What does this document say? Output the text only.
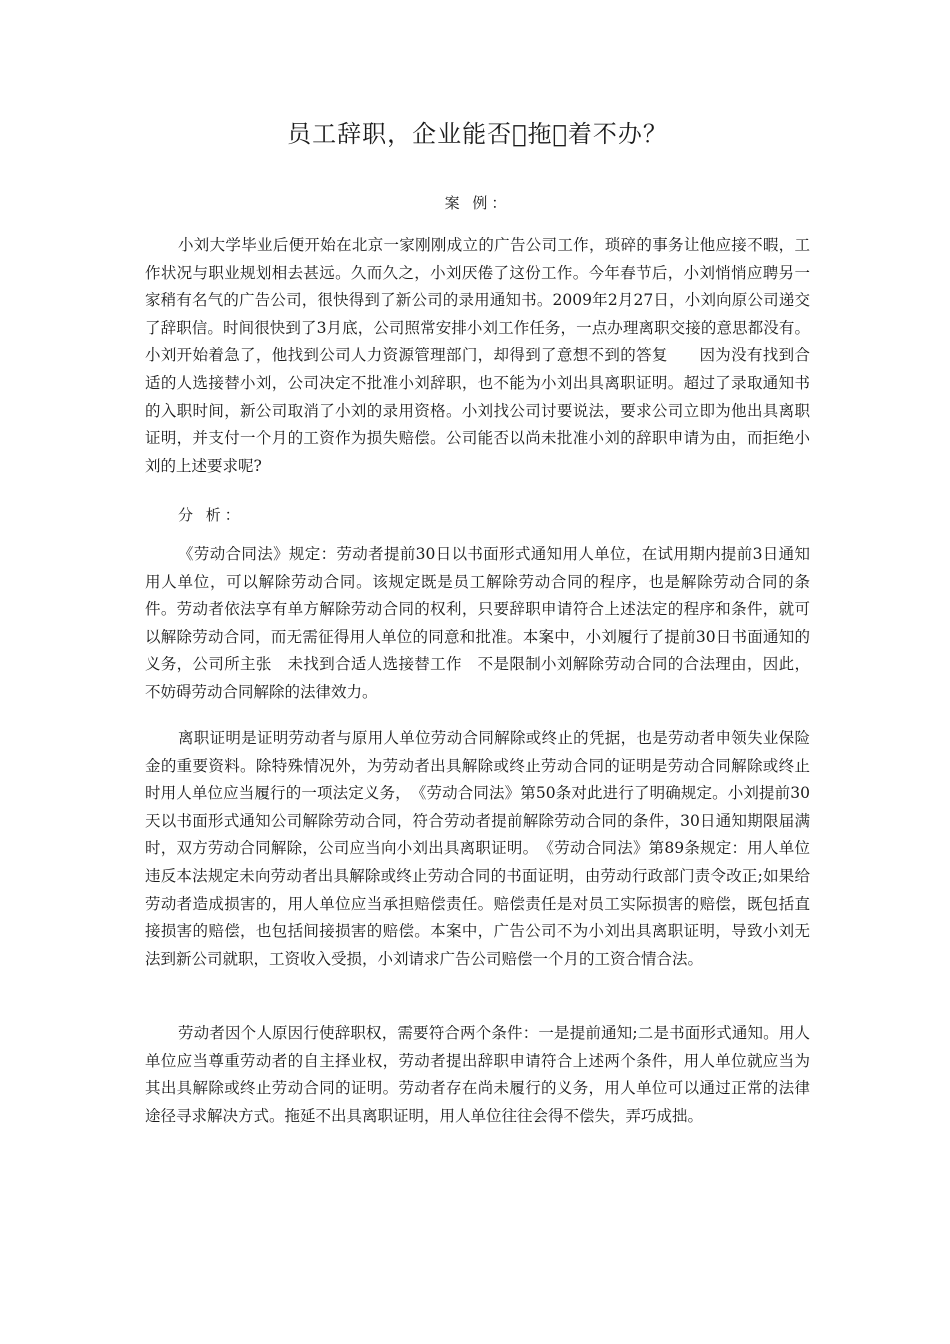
员工辞职，企业能否 拖 着不办？
案 例：

小刘大学毕业后便开始在北京一家刚刚成立的广告公司工作，琐碎的事务让他应接不暇，工作状况与职业规划相去甚远。久而久之，小刘厌倦了这份工作。今年春节后，小刘悄悄应聘另一家稍有名气的广告公司，很快得到了新公司的录用通知书。2009年2月27日，小刘向原公司递交了辞职信。时间很快到了3月底，公司照常安排小刘工作任务，一点办理离职交接的意思都没有。小刘开始着急了，他找到公司人力资源管理部门，却得到了意想不到的答复　　因为没有找到合适的人选接替小刘，公司决定不批准小刘辞职，也不能为小刘出具离职证明。超过了录取通知书的入职时间，新公司取消了小刘的录用资格。小刘找公司讨要说法，要求公司立即为他出具离职证明，并支付一个月的工资作为损失赔偿。公司能否以尚未批准小刘的辞职申请为由，而拒绝小刘的上述要求呢?

分 析：

《劳动合同法》规定：劳动者提前30日以书面形式通知用人单位，在试用期内提前3日通知用人单位，可以解除劳动合同。该规定既是员工解除劳动合同的程序，也是解除劳动合同的条件。劳动者依法享有单方解除劳动合同的权利，只要辞职申请符合上述法定的程序和条件，就可以解除劳动合同，而无需征得用人单位的同意和批准。本案中，小刘履行了提前30日书面通知的义务，公司所主张　未找到合适人选接替工作　不是限制小刘解除劳动合同的合法理由，因此，不妨碍劳动合同解除的法律效力。

离职证明是证明劳动者与原用人单位劳动合同解除或终止的凭据，也是劳动者申领失业保险金的重要资料。除特殊情况外，为劳动者出具解除或终止劳动合同的证明是劳动合同解除或终止时用人单位应当履行的一项法定义务，　《劳动合同法》第50条对此进行了明确规定。小刘提前30天以书面形式通知公司解除劳动合同，符合劳动者提前解除劳动合同的条件，30日通知期限届满时，双方劳动合同解除，公司应当向小刘出具离职证明。　《劳动合同法》第89条规定：用人单位违反本法规定未向劳动者出具解除或终止劳动合同的书面证明，由劳动行政部门责令改正;如果给劳动者造成损害的，用人单位应当承担赔偿责任。赔偿责任是对员工实际损害的赔偿，既包括直接损害的赔偿，也包括间接损害的赔偿。本案中，广告公司不为小刘出具离职证明，导致小刘无法到新公司就职，工资收入受损，小刘请求广告公司赔偿一个月的工资合情合法。

劳动者因个人原因行使辞职权，需要符合两个条件：一是提前通知;二是书面形式通知。用人单位应当尊重劳动者的自主择业权，劳动者提出辞职申请符合上述两个条件，用人单位就应当为其出具解除或终止劳动合同的证明。劳动者存在尚未履行的义务，用人单位可以通过正常的法律途径寻求解决方式。拖延不出具离职证明，用人单位往往会得不偿失，弄巧成拙。
